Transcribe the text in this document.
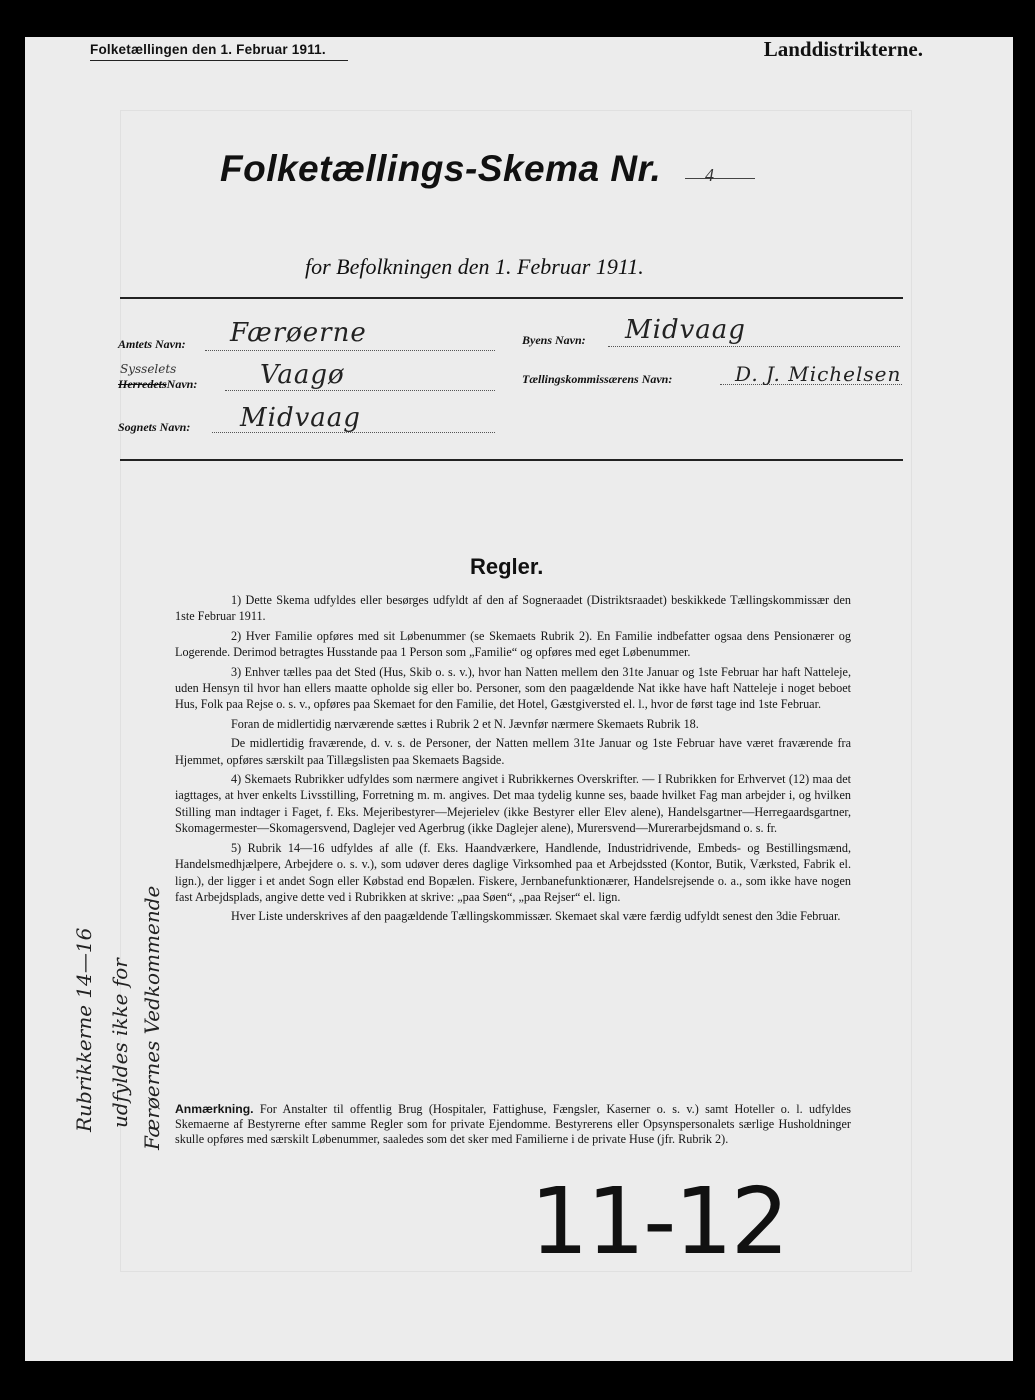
Folketællingen den 1. Februar 1911.	Landdistrikterne.
Folketællings-Skema Nr. 4
for Befolkningen den 1. Februar 1911.
Amtets Navn: Færøerne
Sysselets
HerredetsNavn: Vaagø
Sognets Navn: Midvaag
Byens Navn: Midvaag
Tællingskommissærens Navn:	D. J. Michelsen
Regler.

1) Dette Skema udfyldes eller besørges udfyldt af den af Sogneraadet (Distriktsraadet) beskikkede Tællingskommissær den 1ste Februar 1911.

2) Hver Familie opføres med sit Løbenummer (se Skemaets Rubrik 2). En Familie indbefatter ogsaa dens Pensionærer og Logerende. Derimod betragtes Husstande paa 1 Person som „Familie“ og opføres med eget Løbenummer.

3) Enhver tælles paa det Sted (Hus, Skib o. s. v.), hvor han Natten mellem den 31te Januar og 1ste Februar har haft Natteleje, uden Hensyn til hvor han ellers maatte opholde sig eller bo. Personer, som den paagældende Nat ikke have haft Natteleje i noget beboet Hus, Folk paa Rejse o. s. v., opføres paa Skemaet for den Familie, det Hotel, Gæstgiversted el. l., hvor de først tage ind 1ste Februar.

Foran de midlertidig nærværende sættes i Rubrik 2 et N. Jævnfør nærmere Skemaets Rubrik 18.

De midlertidig fraværende, d. v. s. de Personer, der Natten mellem 31te Januar og 1ste Februar have været fraværende fra Hjemmet, opføres særskilt paa Tillægslisten paa Skemaets Bagside.

4) Skemaets Rubrikker udfyldes som nærmere angivet i Rubrikkernes Overskrifter. — I Rubrikken for Erhvervet (12) maa det iagttages, at hver enkelts Livsstilling, Forretning m. m. angives. Det maa tydelig kunne ses, baade hvilket Fag man arbejder i, og hvilken Stilling man indtager i Faget, f. Eks. Mejeribestyrer—Mejerielev (ikke Bestyrer eller Elev alene), Handelsgartner—Herregaardsgartner, Skomagermester—Skomagersvend, Daglejer ved Agerbrug (ikke Daglejer alene), Murersvend—Murerarbejdsmand o. s. fr.

5) Rubrik 14—16 udfyldes af alle (f. Eks. Haandværkere, Handlende, Industridrivende, Embeds- og Bestillingsmænd, Handelsmedhjælpere, Arbejdere o. s. v.), som udøver deres daglige Virksomhed paa et Arbejdssted (Kontor, Butik, Værksted, Fabrik el. lign.), der ligger i et andet Sogn eller Købstad end Bopælen. Fiskere, Jernbanefunktionærer, Handelsrejsende o. a., som ikke have nogen fast Arbejdsplads, angive dette ved i Rubrikken at skrive: „paa Søen“, „paa Rejser“ el. lign.

Hver Liste underskrives af den paagældende Tællingskommissær. Skemaet skal være færdig udfyldt senest den 3die Februar.

Anmærkning. For Anstalter til offentlig Brug (Hospitaler, Fattighuse, Fængsler, Kaserner o. s. v.) samt Hoteller o. l. udfyldes Skemaerne af Bestyrerne efter samme Regler som for private Ejendomme. Bestyrerens eller Opsynspersonalets særlige Husholdninger skulle opføres med særskilt Løbenummer, saaledes som det sker med Familierne i de private Huse (jfr. Rubrik 2).
Rubrikkerne 14—16 udfyldes ikke for Færøernes Vedkommende
11-12
